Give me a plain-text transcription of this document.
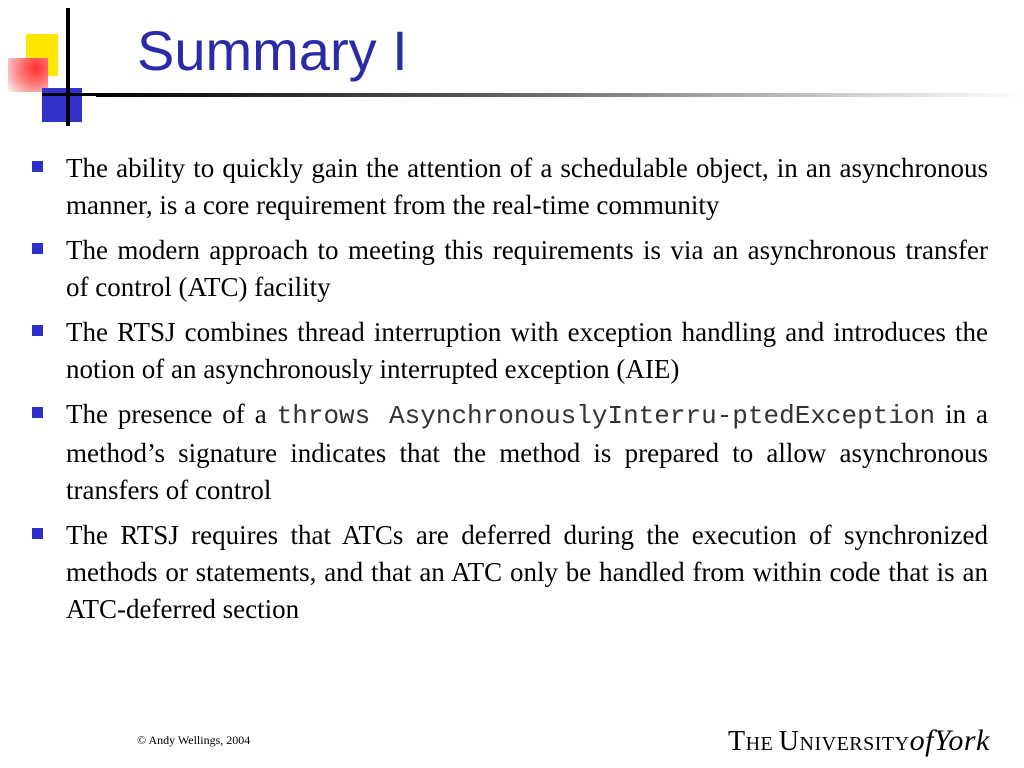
Summary I
The ability to quickly gain the attention of a schedulable object, in an asynchronous manner, is a core requirement from the real-time community
The modern approach to meeting this requirements is via an asynchronous transfer of control (ATC) facility
The RTSJ combines thread interruption with exception handling and introduces the notion of an asynchronously interrupted exception (AIE)
The presence of a throws AsynchronouslyInterru-ptedException in a method’s signature indicates that the method is prepared to allow asynchronous transfers of control
The RTSJ requires that ATCs are deferred during the execution of synchronized methods or statements, and that an ATC only be handled from within code that is an ATC-deferred section
© Andy Wellings, 2004	THE UNIVERSITYofYork
